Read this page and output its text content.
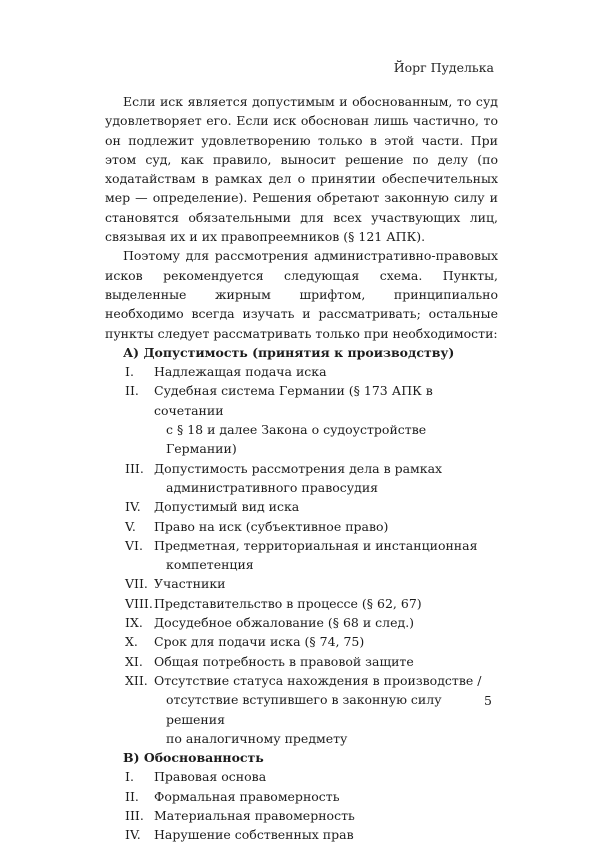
Йорг Пуделька

Если иск является допустимым и обоснованным, то суд удовлетворяет его. Если иск обоснован лишь частично, то он подлежит удовлетворению только в этой части. При этом суд, как правило, выносит решение по делу (по ходатайствам в рамках дел о принятии обеспечительных мер — определение). Решения обретают законную силу и становятся обязательными для всех участвующих лиц, связывая их и их правопреемников (§ 121 АПК).

Поэтому для рассмотрения административно-правовых исков рекомендуется следующая схема. Пункты, выделенные жирным шрифтом, принципиально необходимо всегда изучать и рассматривать; остальные пункты следует рассматривать только при необходимости:

А) Допустимость (принятия к производству)

I.	Надлежащая подача иска
II.	Судебная система Германии (§ 173 АПК в сочетании
с § 18 и далее Закона о судоустройстве Германии)
III. Допустимость рассмотрения дела в рамках
административного правосудия
IV.	Допустимый вид иска
V.	Право на иск (субъективное право)
VI. Предметная, территориальная и инстанционная
компетенция
VII. Участники
VIII. Представительство в процессе (§ 62, 67)
IX. Досудебное обжалование (§ 68 и след.)
X.	Срок для подачи иска (§ 74, 75)
XI. Общая потребность в правовой защите
XII. Отсутствие статуса нахождения в производстве /
отсутствие вступившего в законную силу решения
по аналогичному предмету

В) Обоснованность

I.	Правовая основа
II.	Формальная правомерность
III. Материальная правомерность
IV.	Нарушение собственных прав
5
